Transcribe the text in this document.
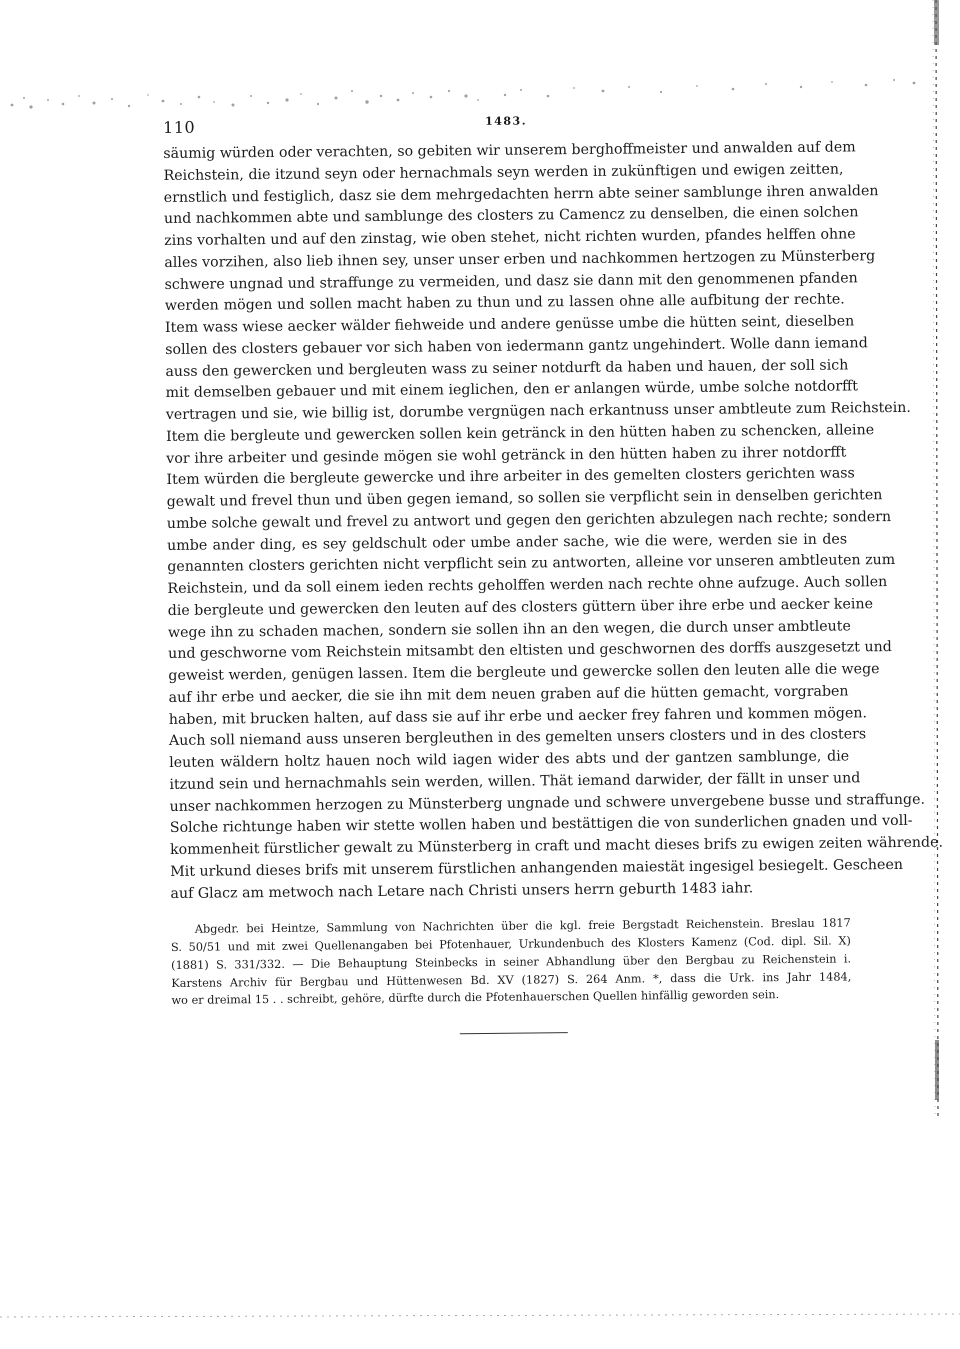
110	1483.
säumig würden oder verachten, so gebiten wir unserem berghoffmeister und anwalden auf dem
Reichstein, die itzund seyn oder hernachmals seyn werden in zukünftigen und ewigen zeitten,
ernstlich und festiglich, dasz sie dem mehrgedachten herrn abte seiner samblunge ihren anwalden
und nachkommen abte und samblunge des closters zu Camencz zu denselben, die einen solchen
zins vorhalten und auf den zinstag, wie oben stehet, nicht richten wurden, pfandes helffen ohne
alles vorzihen, also lieb ihnen sey, unser unser erben und nachkommen hertzogen zu Münsterberg
schwere ungnad und straffunge zu vermeiden, und dasz sie dann mit den genommenen pfanden
werden mögen und sollen macht haben zu thun und zu lassen ohne alle aufbitung der rechte.
Item wass wiese aecker wälder fiehweide und andere genüsse umbe die hütten seint, dieselben
sollen des closters gebauer vor sich haben von iedermann gantz ungehindert. Wolle dann iemand
auss den gewercken und bergleuten wass zu seiner notdurft da haben und hauen, der soll sich
mit demselben gebauer und mit einem ieglichen, den er anlangen würde, umbe solche notdorfft
vertragen und sie, wie billig ist, dorumbe vergnügen nach erkantnuss unser ambtleute zum Reichstein.
Item die bergleute und gewercken sollen kein getränck in den hütten haben zu schencken, alleine
vor ihre arbeiter und gesinde mögen sie wohl getränck in den hütten haben zu ihrer notdorfft
Item würden die bergleute gewercke und ihre arbeiter in des gemelten closters gerichten wass
gewalt und frevel thun und üben gegen iemand, so sollen sie verpflicht sein in denselben gerichten
umbe solche gewalt und frevel zu antwort und gegen den gerichten abzulegen nach rechte; sondern
umbe ander ding, es sey geldschult oder umbe ander sache, wie die were, werden sie in des
genannten closters gerichten nicht verpflicht sein zu antworten, alleine vor unseren ambtleuten zum
Reichstein, und da soll einem ieden rechts geholffen werden nach rechte ohne aufzuge. Auch sollen
die bergleute und gewercken den leuten auf des closters güttern über ihre erbe und aecker keine
wege ihn zu schaden machen, sondern sie sollen ihn an den wegen, die durch unser ambtleute
und geschworne vom Reichstein mitsambt den eltisten und geschwornen des dorffs auszgesetzt und
geweist werden, genügen lassen. Item die bergleute und gewercke sollen den leuten alle die wege
auf ihr erbe und aecker, die sie ihn mit dem neuen graben auf die hütten gemacht, vorgraben
haben, mit brucken halten, auf dass sie auf ihr erbe und aecker frey fahren und kommen mögen.
Auch soll niemand auss unseren bergleuthen in des gemelten unsers closters und in des closters
leuten wäldern holtz hauen noch wild iagen wider des abts und der gantzen samblunge, die
itzund sein und hernachmahls sein werden, willen. Thät iemand darwider, der fällt in unser und
unser nachkommen herzogen zu Münsterberg ungnade und schwere unvergebene busse und straffunge.
Solche richtunge haben wir stette wollen haben und bestättigen die von sunderlichen gnaden und voll-
kommenheit fürstlicher gewalt zu Münsterberg in craft und macht dieses brifs zu ewigen zeiten währende.
Mit urkund dieses brifs mit unserem fürstlichen anhangenden maiestät ingesigel besiegelt. Gescheen
auf Glacz am metwoch nach Letare nach Christi unsers herrn geburth 1483 iahr.
Abgedr. bei Heintze, Sammlung von Nachrichten über die kgl. freie Bergstadt Reichenstein. Breslau 1817
S. 50/51 und mit zwei Quellenangaben bei Pfotenhauer, Urkundenbuch des Klosters Kamenz (Cod. dipl. Sil. X)
(1881) S. 331/332. — Die Behauptung Steinbecks in seiner Abhandlung über den Bergbau zu Reichenstein i.
Karstens Archiv für Bergbau und Hüttenwesen Bd. XV (1827) S. 264 Anm. *, dass die Urk. ins Jahr 1484,
wo er dreimal 15 . . schreibt, gehöre, dürfte durch die Pfotenhauerschen Quellen hinfällig geworden sein.
